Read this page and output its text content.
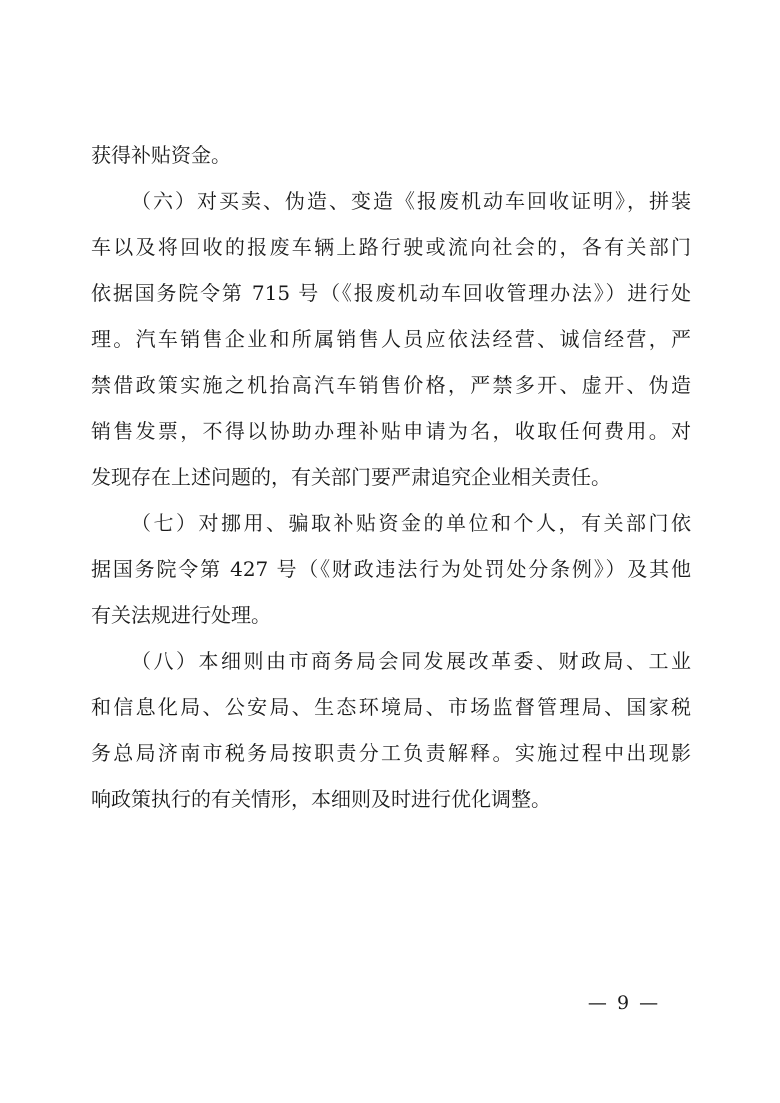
获得补贴资金。
（六）对买卖、伪造、变造《报废机动车回收证明》，拼装
车以及将回收的报废车辆上路行驶或流向社会的，各有关部门
依据国务院令第 715 号（《报废机动车回收管理办法》）进行处
理。汽车销售企业和所属销售人员应依法经营、诚信经营，严
禁借政策实施之机抬高汽车销售价格，严禁多开、虚开、伪造
销售发票，不得以协助办理补贴申请为名，收取任何费用。对
发现存在上述问题的，有关部门要严肃追究企业相关责任。
（七）对挪用、骗取补贴资金的单位和个人，有关部门依
据国务院令第 427 号（《财政违法行为处罚处分条例》）及其他
有关法规进行处理。
（八）本细则由市商务局会同发展改革委、财政局、工业
和信息化局、公安局、生态环境局、市场监督管理局、国家税
务总局济南市税务局按职责分工负责解释。实施过程中出现影
响政策执行的有关情形，本细则及时进行优化调整。
— 9 —
